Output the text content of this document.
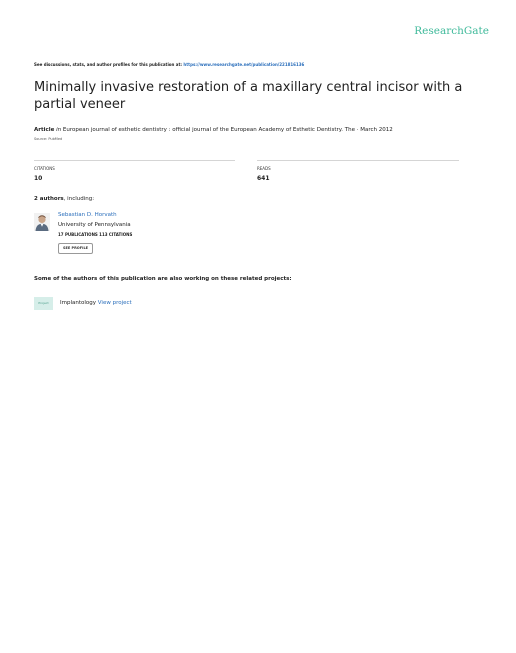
ResearchGate
See discussions, stats, and author profiles for this publication at: https://www.researchgate.net/publication/221816136
Minimally invasive restoration of a maxillary central incisor with a partial veneer
Article in European journal of esthetic dentistry : official journal of the European Academy of Esthetic Dentistry. The · March 2012
Source: PubMed
CITATIONS
10
READS
641
2 authors, including:
Sebastian D. Horvath
University of Pennsylvania
17 PUBLICATIONS 113 CITATIONS
SEE PROFILE
Some of the authors of this publication are also working on these related projects:
Project	Implantology View project
